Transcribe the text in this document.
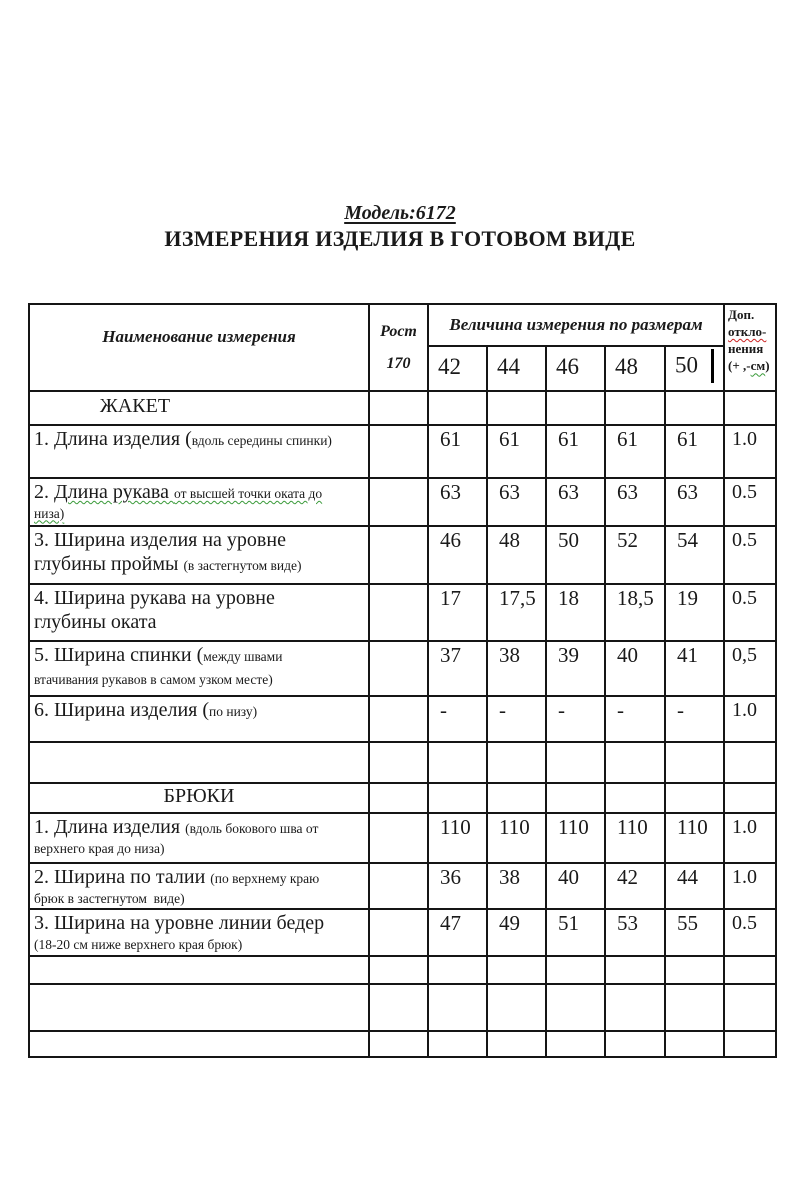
Модель:6172
ИЗМЕРЕНИЯ ИЗДЕЛИЯ В ГОТОВОМ ВИДЕ
Наименование измерения	Рост
170
	Величина измерения по размерам	
Доп.
откло-
нения
(+ ,-см)

		42	44	46	48	50	
ЖАКЕТ							

1. Длина изделия (вдоль середины спинки)		61	61	61	61	61	1.0

2. Длина рукава от высшей точки оката до
низа)		63	63	63	63	63	0.5

3. Ширина изделия на уровне
глубины проймы (в застегнутом виде)		46	48	50	52	54	0.5

4. Ширина рукава на уровне
глубины оката		17	17,5	18	18,5	19	0.5

5. Ширина спинки (между швами
втачивания рукавов в самом узком месте)		37	38	39	40	41	0,5

6. Ширина изделия (по низу)		-	-	-	-	-	1.0

БРЮКИ							

1. Длина изделия (вдоль бокового шва от
верхнего края до низа)		110	110	110	110	110	1.0

2. Ширина по талии (по верхнему краю
брюк в застегнутом  виде)		36	38	40	42	44	1.0

3. Ширина на уровне линии бедер
(18-20 см ниже верхнего края брюк)		47	49	51	53	55	0.5
